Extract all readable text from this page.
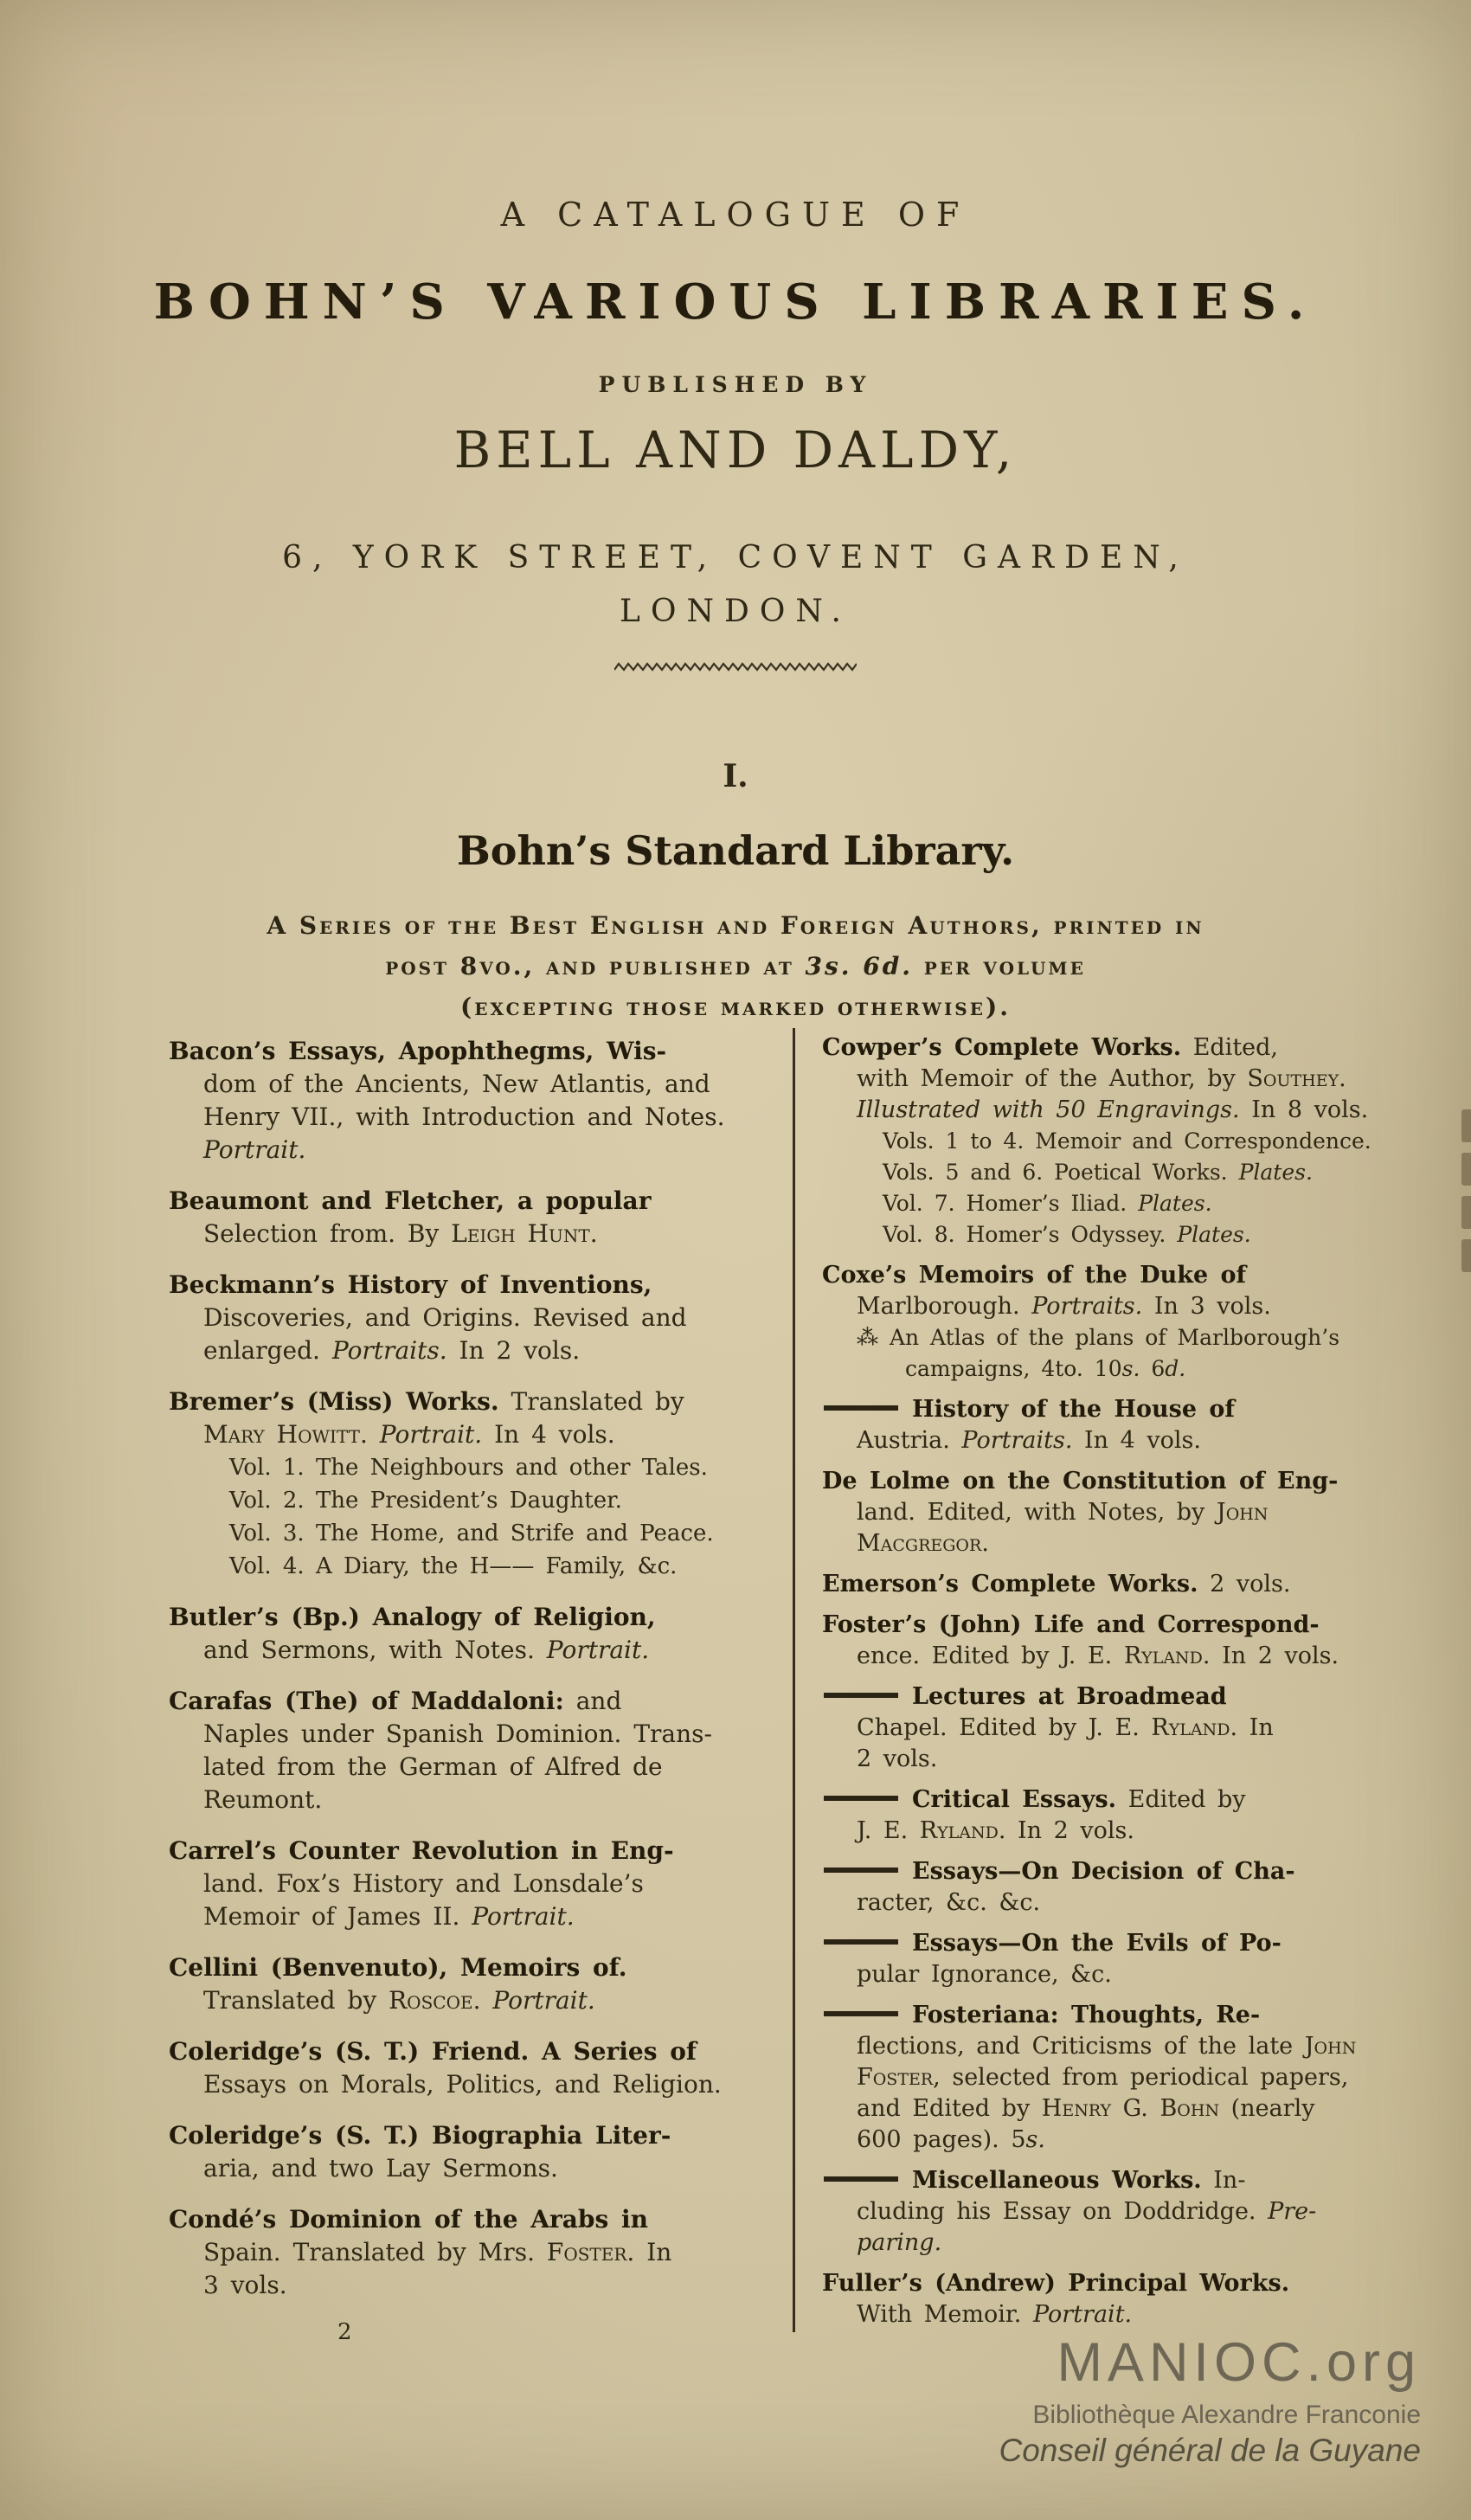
A CATALOGUE OF
BOHN’S VARIOUS LIBRARIES.
PUBLISHED BY
BELL AND DALDY,
6, YORK STREET, COVENT GARDEN,
LONDON.
I.
Bohn’s Standard Library.
A Series of the Best English and Foreign Authors, printed in
post 8vo., and published at 3s. 6d. per volume
(excepting those marked otherwise).
Bacon’s Essays, Apophthegms, Wis-
dom of the Ancients, New Atlantis, and
Henry VII., with Introduction and Notes.
Portrait.
Beaumont and Fletcher, a popular
Selection from. By Leigh Hunt.
Beckmann’s History of Inventions,
Discoveries, and Origins. Revised and
enlarged. Portraits. In 2 vols.
Bremer’s (Miss) Works. Translated by
Mary Howitt. Portrait. In 4 vols.
Vol. 1. The Neighbours and other Tales.
Vol. 2. The President’s Daughter.
Vol. 3. The Home, and Strife and Peace.
Vol. 4. A Diary, the H—— Family, &c.
Butler’s (Bp.) Analogy of Religion,
and Sermons, with Notes. Portrait.
Carafas (The) of Maddaloni: and
Naples under Spanish Dominion. Trans-
lated from the German of Alfred de
Reumont.
Carrel’s Counter Revolution in Eng-
land. Fox’s History and Lonsdale’s
Memoir of James II. Portrait.
Cellini (Benvenuto), Memoirs of.
Translated by Roscoe. Portrait.
Coleridge’s (S. T.) Friend. A Series of
Essays on Morals, Politics, and Religion.
Coleridge’s (S. T.) Biographia Liter-
aria, and two Lay Sermons.
Condé’s Dominion of the Arabs in
Spain. Translated by Mrs. Foster. In
3 vols.
Cowper’s Complete Works. Edited,
with Memoir of the Author, by Southey.
Illustrated with 50 Engravings. In 8 vols.
Vols. 1 to 4. Memoir and Correspondence.
Vols. 5 and 6. Poetical Works. Plates.
Vol. 7. Homer’s Iliad. Plates.
Vol. 8. Homer’s Odyssey. Plates.
Coxe’s Memoirs of the Duke of
Marlborough. Portraits. In 3 vols.
⁂ An Atlas of the plans of Marlborough’s
campaigns, 4to. 10s. 6d.
History of the House of
Austria. Portraits. In 4 vols.
De Lolme on the Constitution of Eng-
land. Edited, with Notes, by John
Macgregor.
Emerson’s Complete Works. 2 vols.
Foster’s (John) Life and Correspond-
ence. Edited by J. E. Ryland. In 2 vols.
Lectures at Broadmead
Chapel. Edited by J. E. Ryland. In
2 vols.
Critical Essays. Edited by
J. E. Ryland. In 2 vols.
Essays—On Decision of Cha-
racter, &c. &c.
Essays—On the Evils of Po-
pular Ignorance, &c.
Fosteriana: Thoughts, Re-
flections, and Criticisms of the late John
Foster, selected from periodical papers,
and Edited by Henry G. Bohn (nearly
600 pages). 5s.
Miscellaneous Works. In-
cluding his Essay on Doddridge. Pre-
paring.
Fuller’s (Andrew) Principal Works.
With Memoir. Portrait.
2	MANIOC.org
Bibliothèque Alexandre Franconie
Conseil général de la Guyane
